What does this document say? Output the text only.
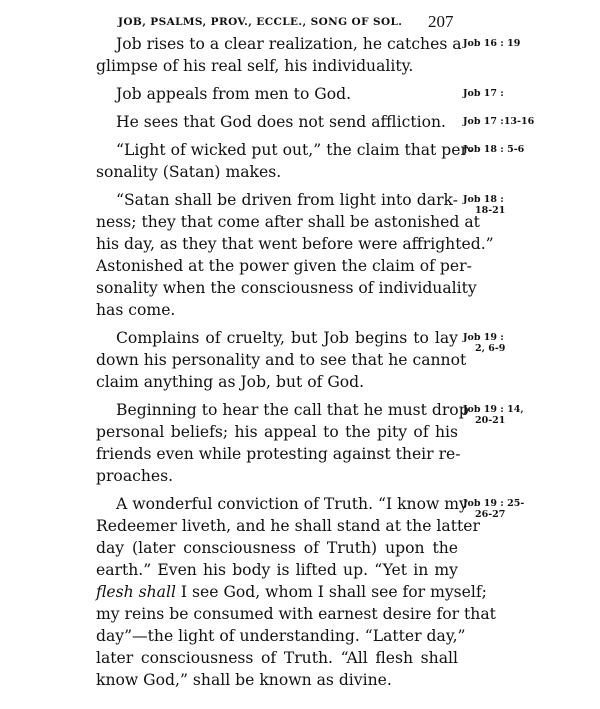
JOB, PSALMS, PROV., ECCLE., SONG OF SOL.	207
Job rises to a clear realization, he catches a
glimpse of his real self, his individuality.
Job 16 : 19
Job appeals from men to God.	Job 17 :
He sees that God does not send affliction.	Job 17 :13-16
“Light of wicked put out,” the claim that per-
sonality (Satan) makes.
Job 18 : 5-6
“Satan shall be driven from light into dark-
ness; they that come after shall be astonished at
his day, as they that went before were affrighted.”
Astonished at the power given the claim of per-
sonality when the consciousness of individuality
has come.
Job 18 :
18-21
Complains of cruelty, but Job begins to lay
down his personality and to see that he cannot
claim anything as Job, but of God.
Job 19 :
2, 6-9
Beginning to hear the call that he must drop
personal beliefs; his appeal to the pity of his
friends even while protesting against their re-
proaches.
Job 19 : 14,
20-21
A wonderful conviction of Truth. “I know my
Redeemer liveth, and he shall stand at the latter
day (later consciousness of Truth) upon the
earth.” Even his body is lifted up. “Yet in my
flesh shall I see God, whom I shall see for myself;
my reins be consumed with earnest desire for that
day”—the light of understanding. “Latter day,”
later consciousness of Truth. “All flesh shall
know God,” shall be known as divine.
Job 19 : 25-
26-27
